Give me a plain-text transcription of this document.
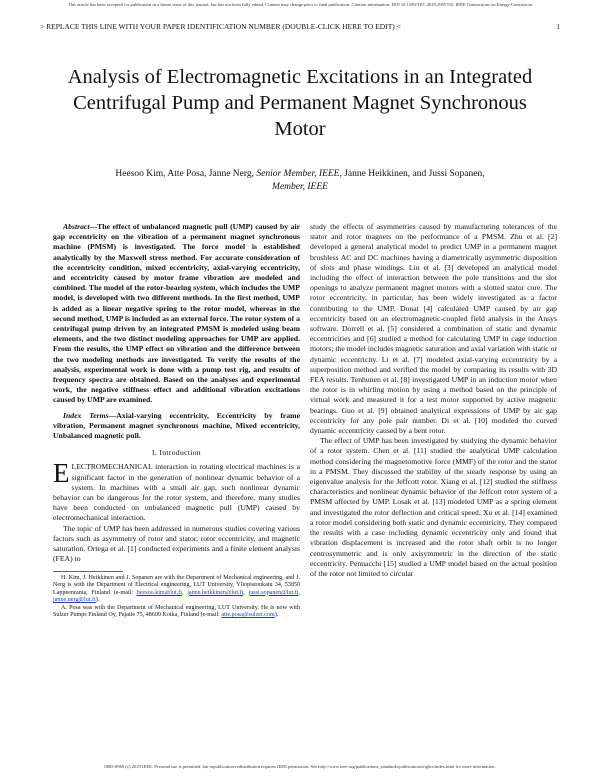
This article has been accepted for publication in a future issue of this journal, but has not been fully edited. Content may change prior to final publication. Citation information: DOI 10.1109/TEC.2019.2955765, IEEE Transactions on Energy Conversion
> REPLACE THIS LINE WITH YOUR PAPER IDENTIFICATION NUMBER (DOUBLE-CLICK HERE TO EDIT) <	1
Analysis of Electromagnetic Excitations in an Integrated Centrifugal Pump and Permanent Magnet Synchronous Motor
Heesoo Kim, Atte Posa, Janne Nerg, Senior Member, IEEE, Janne Heikkinen, and Jussi Sopanen,
Member, IEEE

Abstract—The effect of unbalanced magnetic pull (UMP) caused by air gap eccentricity on the vibration of a permanent magnet synchronous machine (PMSM) is investigated. The force model is established analytically by the Maxwell stress method. For accurate consideration of the eccentricity condition, mixed eccentricity, axial-varying eccentricity, and eccentricity caused by motor frame vibration are modeled and combined. The model of the rotor-bearing system, which includes the UMP model, is developed with two different methods. In the first method, UMP is added as a linear negative spring to the rotor model, whereas in the second method, UMP is included as an external force. The rotor system of a centrifugal pump driven by an integrated PMSM is modeled using beam elements, and the two distinct modeling approaches for UMP are applied. From the results, the UMP effect on vibration and the difference between the two modeling methods are investigated. To verify the results of the analysis, experimental work is done with a pump test rig, and results of frequency spectra are obtained. Based on the analyses and experimental work, the negative stiffness effect and additional vibration excitations caused by UMP are examined.

Index Terms—Axial-varying eccentricity, Eccentricity by frame vibration, Permanent magnet synchronous machine, Mixed eccentricity, Unbalanced magnetic pull.

I. Introduction

ELECTROMECHANICAL interaction in rotating electrical machines is a significant factor in the generation of nonlinear dynamic behavior of a system. In machines with a small air gap, such nonlinear dynamic behavior can be dangerous for the rotor system, and therefore, many studies have been conducted on unbalanced magnetic pull (UMP) caused by electromechanical interaction.

The topic of UMP has been addressed in numerous studies covering various factors such as asymmetry of rotor and stator, rotor eccentricity, and magnetic saturation. Ortega et al. [1] conducted experiments and a finite element analysis (FEA) to

H. Kim, J. Heikkinen and J. Sopanen are with the Department of Mechanical engineering, and J. Nerg is with the Department of Electrical engineering, LUT University, Yliopistonkatu 34, 53850 Lappeenranta, Finland (e-mail: heesoo.kim@lut.fi, janne.heikkinen@lut.fi, jussi.sopanen@lut.fi, janne.nerg@lut.fi).

A. Posa was with the Department of Mechanical engineering, LUT University. He is now with Sulzer Pumps Finland Oy, Pajatie 75, 48600 Kotka, Finland (e-mail: atte.posa@sulzer.com).

study the effects of asymmetries caused by manufacturing tolerances of the stator and rotor magnets on the performance of a PMSM. Zhu et al. [2] developed a general analytical model to predict UMP in a permanent magnet brushless AC and DC machines having a diametrically asymmetric disposition of slots and phase windings. Liu et al. [3] developed an analytical model including the effect of interaction between the pole transitions and the slot openings to analyze permanent magnet motors with a slotted stator core. The rotor eccentricity, in particular, has been widely investigated as a factor contributing to the UMP. Donat [4] calculated UMP caused by air gap eccentricity based on an electromagnetic-coupled field analysis in the Ansys software. Dorrell et al. [5] considered a combination of static and dynamic eccentricities and [6] studied a method for calculating UMP in cage induction motors; the model includes magnetic saturation and axial variation with static or dynamic eccentricity. Li et al. [7] modeled axial-varying eccentricity by a superposition method and verified the model by comparing its results with 3D FEA results. Tenhunen et al. [8] investigated UMP in an induction motor when the rotor is in whirling motion by using a method based on the principle of virtual work and measured it for a test motor supported by active magnetic bearings. Guo et al. [9] obtained analytical expressions of UMP by air gap eccentricity for any pole pair number. Di et al. [10] modeled the curved dynamic eccentricity caused by a bent rotor.

The effect of UMP has been investigated by studying the dynamic behavior of a rotor system. Chen et al. [11] studied the analytical UMP calculation method considering the magnetomotive force (MMF) of the rotor and the stator in a PMSM. They discussed the stability of the steady response by using an eigenvalue analysis for the Jeffcott rotor. Xiang et al. [12] studied the stiffness characteristics and nonlinear dynamic behavior of the Jeffcott rotor system of a PMSM affected by UMP. Losak et al. [13] modeled UMP as a spring element and investigated the rotor deflection and critical speed. Xu et al. [14] examined a rotor model considering both static and dynamic eccentricity. They compared the results with a case including dynamic eccentricity only and found that vibration displacement is increased and the rotor shaft orbit is no longer centrosymmetric and is only axisymmetric in the direction of the static eccentricity. Pennacchi [15] studied a UMP model based on the actual position of the rotor not limited to circular

0885-8969 (c) 2019 IEEE. Personal use is permitted, but republication/redistribution requires IEEE permission. See http://www.ieee.org/publications_standards/publications/rights/index.html for more information.
